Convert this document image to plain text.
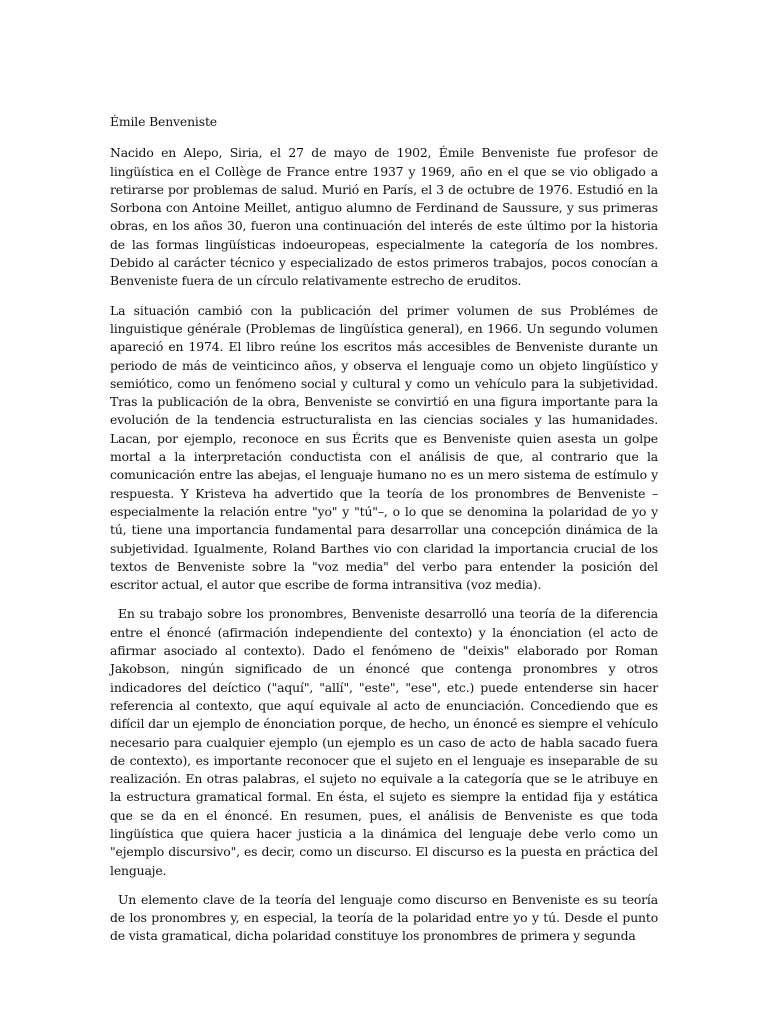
Émile Benveniste

Nacido en Alepo, Siria, el 27 de mayo de 1902, Émile Benveniste fue profesor de lingüística en el Collège de France entre 1937 y 1969, año en el que se vio obligado a retirarse por problemas de salud. Murió en París, el 3 de octubre de 1976. Estudió en la Sorbona con Antoine Meillet, antiguo alumno de Ferdinand de Saussure, y sus primeras obras, en los años 30, fueron una continuación del interés de este último por la historia de las formas lingüísticas indoeuropeas, especialmente la categoría de los nombres. Debido al carácter técnico y especializado de estos primeros trabajos, pocos conocían a Benveniste fuera de un círculo relativamente estrecho de eruditos.

La situación cambió con la publicación del primer volumen de sus Problémes de linguistique générale (Problemas de lingüística general), en 1966. Un segundo volumen apareció en 1974. El libro reúne los escritos más accesibles de Benveniste durante un periodo de más de veinticinco años, y observa el lenguaje como un objeto lingüístico y semiótico, como un fenómeno social y cultural y como un vehículo para la subjetividad. Tras la publicación de la obra, Benveniste se convirtió en una figura importante para la evolución de la tendencia estructuralista en las ciencias sociales y las humanidades. Lacan, por ejemplo, reconoce en sus Écrits que es Benveniste quien asesta un golpe mortal a la interpretación conductista con el análisis de que, al contrario que la comunicación entre las abejas, el lenguaje humano no es un mero sistema de estímulo y respuesta. Y Kristeva ha advertido que la teoría de los pronombres de Benveniste –especialmente la relación entre "yo" y "tú"–, o lo que se denomina la polaridad de yo y tú, tiene una importancia fundamental para desarrollar una concepción dinámica de la subjetividad. Igualmente, Roland Barthes vio con claridad la importancia crucial de los textos de Benveniste sobre la "voz media" del verbo para entender la posición del escritor actual, el autor que escribe de forma intransitiva (voz media).

En su trabajo sobre los pronombres, Benveniste desarrolló una teoría de la diferencia entre el énoncé (afirmación independiente del contexto) y la énonciation (el acto de afirmar asociado al contexto). Dado el fenómeno de "deixis" elaborado por Roman Jakobson, ningún significado de un énoncé que contenga pronombres y otros indicadores del deíctico ("aquí", "allí", "este", "ese", etc.) puede entenderse sin hacer referencia al contexto, que aquí equivale al acto de enunciación. Concediendo que es difícil dar un ejemplo de énonciation porque, de hecho, un énoncé es siempre el vehículo necesario para cualquier ejemplo (un ejemplo es un caso de acto de habla sacado fuera de contexto), es importante reconocer que el sujeto en el lenguaje es inseparable de su realización. En otras palabras, el sujeto no equivale a la categoría que se le atribuye en la estructura gramatical formal. En ésta, el sujeto es siempre la entidad fija y estática que se da en el énoncé. En resumen, pues, el análisis de Benveniste es que toda lingüística que quiera hacer justicia a la dinámica del lenguaje debe verlo como un "ejemplo discursivo", es decir, como un discurso. El discurso es la puesta en práctica del lenguaje.

Un elemento clave de la teoría del lenguaje como discurso en Benveniste es su teoría de los pronombres y, en especial, la teoría de la polaridad entre yo y tú. Desde el punto de vista gramatical, dicha polaridad constituye los pronombres de primera y segunda
